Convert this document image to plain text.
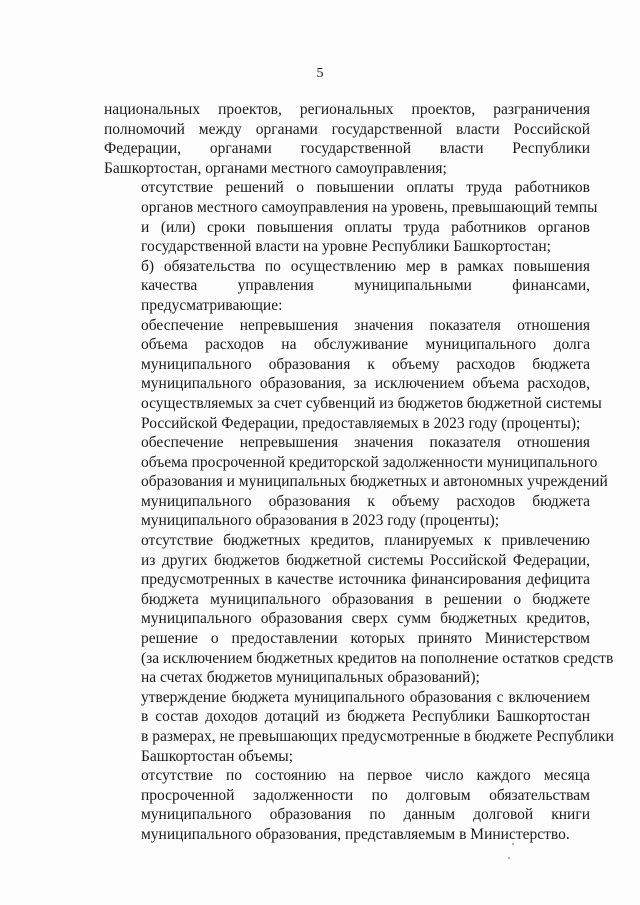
5
национальных проектов, региональных проектов, разграничения
полномочий между органами государственной власти Российской
Федерации, органами государственной власти Республики
Башкортостан, органами местного самоуправления;
отсутствие решений о повышении оплаты труда работников
органов местного самоуправления на уровень, превышающий темпы
и (или) сроки повышения оплаты труда работников органов
государственной власти на уровне Республики Башкортостан;
б) обязательства по осуществлению мер в рамках повышения
качества управления муниципальными финансами,
предусматривающие:
обеспечение непревышения значения показателя отношения
объема расходов на обслуживание муниципального долга
муниципального образования к объему расходов бюджета
муниципального образования, за исключением объема расходов,
осуществляемых за счет субвенций из бюджетов бюджетной системы
Российской Федерации, предоставляемых в 2023 году (проценты);
обеспечение непревышения значения показателя отношения
объема просроченной кредиторской задолженности муниципального
образования и муниципальных бюджетных и автономных учреждений
муниципального образования к объему расходов бюджета
муниципального образования в 2023 году (проценты);
отсутствие бюджетных кредитов, планируемых к привлечению
из других бюджетов бюджетной системы Российской Федерации,
предусмотренных в качестве источника финансирования дефицита
бюджета муниципального образования в решении о бюджете
муниципального образования сверх сумм бюджетных кредитов,
решение о предоставлении которых принято Министерством
(за исключением бюджетных кредитов на пополнение остатков средств
на счетах бюджетов муниципальных образований);
утверждение бюджета муниципального образования с включением
в состав доходов дотаций из бюджета Республики Башкортостан
в размерах, не превышающих предусмотренные в бюджете Республики
Башкортостан объемы;
отсутствие по состоянию на первое число каждого месяца
просроченной задолженности по долговым обязательствам
муниципального образования по данным долговой книги
муниципального образования, представляемым в Министерство.
